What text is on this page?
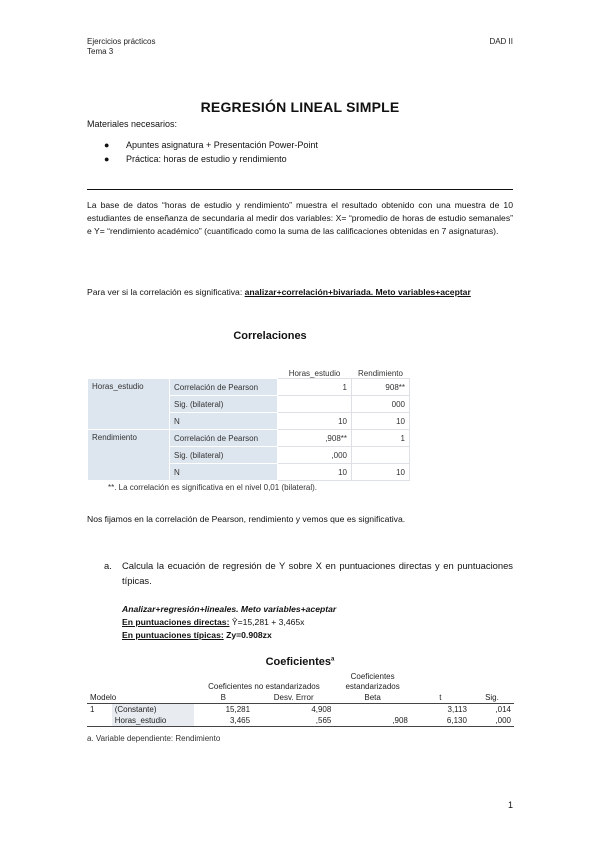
Ejercicios prácticos
Tema 3
DAD II
REGRESIÓN LINEAL SIMPLE
Materiales necesarios:
● Apuntes asignatura + Presentación Power-Point
● Práctica: horas de estudio y rendimiento
La base de datos “horas de estudio y rendimiento” muestra el resultado obtenido con una muestra de 10 estudiantes de enseñanza de secundaria al medir dos variables: X= “promedio de horas de estudio semanales” e Y= “rendimiento académico” (cuantificado como la suma de las calificaciones obtenidas en 7 asignaturas).
Para ver si la correlación es significativa: analizar+correlación+bivariada. Meto variables+aceptar
Correlaciones
		Horas_estudio	Rendimiento
Horas_estudio	Correlación de Pearson	1	908**
	Sig. (bilateral)		000
	N	10	10
Rendimiento	Correlación de Pearson	,908**	1
	Sig. (bilateral)	,000	
	N	10	10
**. La correlación es significativa en el nivel 0,01 (bilateral).
Nos fijamos en la correlación de Pearson, rendimiento y vemos que es significativa.
a. Calcula la ecuación de regresión de Y sobre X en puntuaciones directas y en puntuaciones típicas.
Analizar+regresión+lineales. Meto variables+aceptar
En puntuaciones directas: Ŷ=15,281 + 3,465x
En puntuaciones típicas: Zy=0.908zx
Coeficientes$^a$
		Coeficientes no estandarizados		Coeficientes estandarizados		

Modelo		B	Desv. Error	Beta	t	Sig.
1	(Constante)	15,281	4,908		3,113	,014
	Horas_estudio	3,465	,565	,908	6,130	,000
a. Variable dependiente: Rendimiento
1
